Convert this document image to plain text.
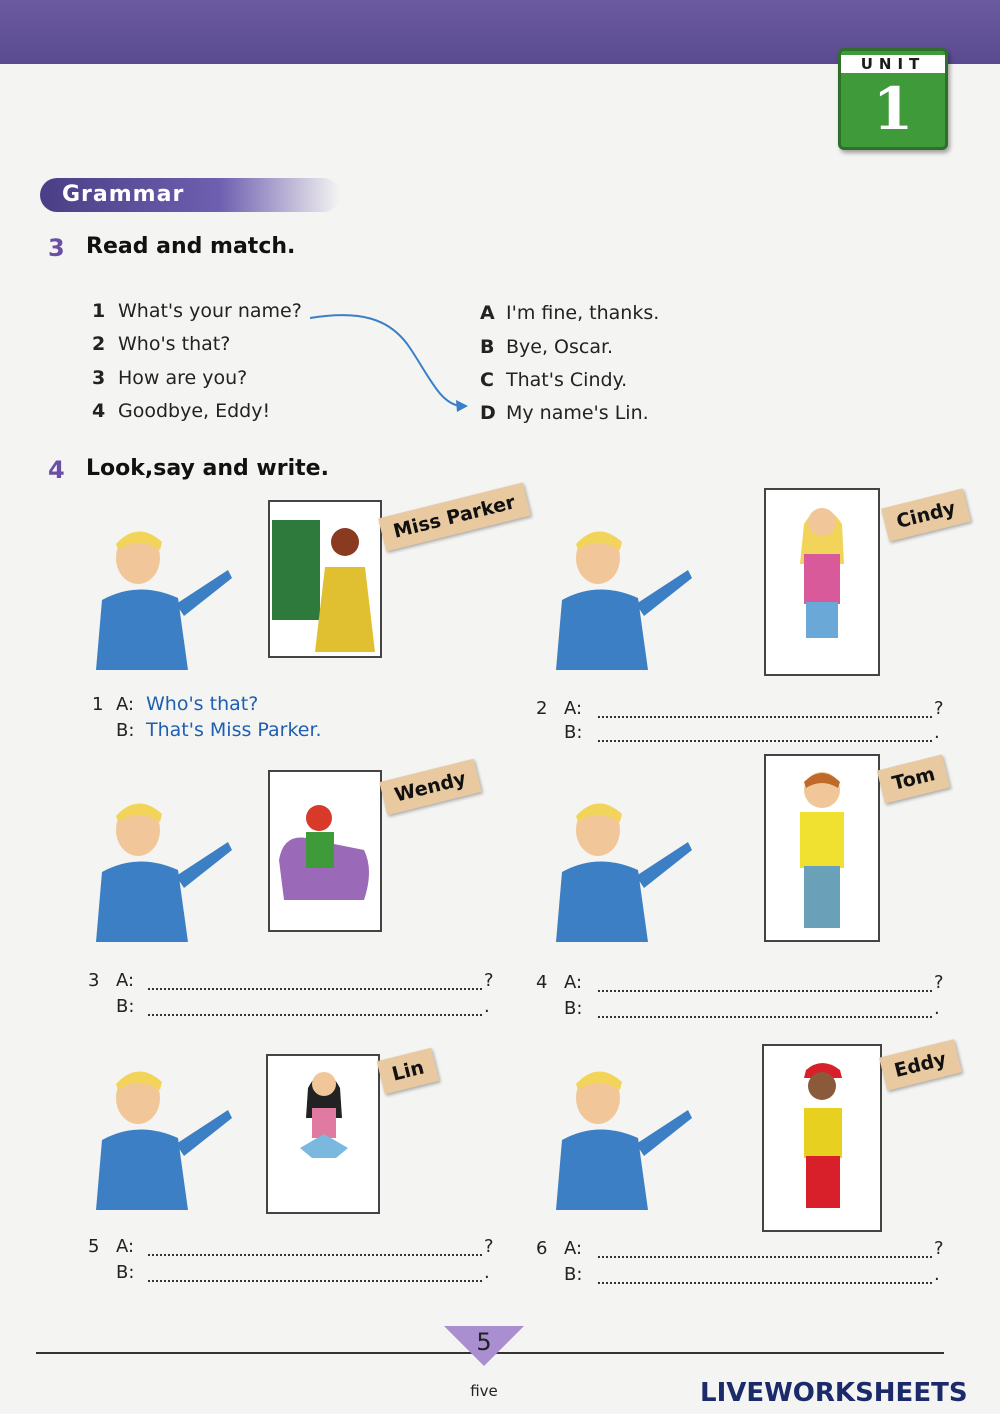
UNIT
1
Grammar
3 Read and match.
1 What's your name?
2 Who's that?
3 How are you?
4 Goodbye, Eddy!
A I'm fine, thanks.
B Bye, Oscar.
C That's Cindy.
D My name's Lin.
4 Look,say and write.
Miss Parker	Cindy
1 A: Who's that?
B: That's Miss Parker.
2 A:	?
B:	.
Wendy	Tom
3 A:	?
B:	.
4 A:	?
B:	.
Lin	Eddy
5 A:	?
B:	.
6 A:	?
B:	.
5
five	LIVEWORKSHEETS
